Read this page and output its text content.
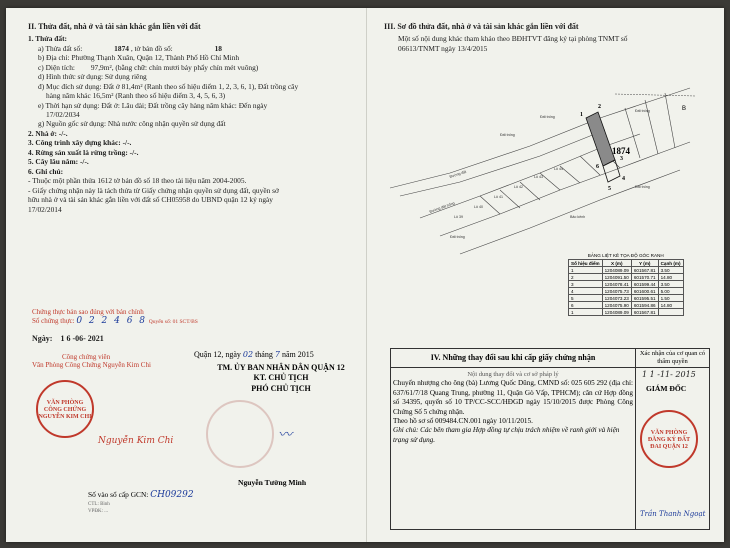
II. Thửa đất, nhà ở và tài sản khác gắn liền với đất
1. Thửa đất:
a) Thửa đất số:	1874 , tờ bản đồ số:	18
b) Địa chỉ: Phường Thạnh Xuân, Quận 12, Thành Phố Hồ Chí Minh
c) Diện tích: 97,9m², (bằng chữ: chín mươi bảy phẩy chín mét vuông)
d) Hình thức sử dụng: Sử dụng riêng
đ) Mục đích sử dụng: Đất ở 81,4m² (Ranh theo số hiệu điểm 1, 2, 3, 6, 1), Đất trồng cây
hàng năm khác 16,5m² (Ranh theo số hiệu điểm 3, 4, 5, 6, 3)
e) Thời hạn sử dụng: Đất ở: Lâu dài; Đất trồng cây hàng năm khác: Đến ngày
17/02/2034
g) Nguồn gốc sử dụng: Nhà nước công nhận quyền sử dụng đất
2. Nhà ở: -/-.
3. Công trình xây dựng khác: -/-.
4. Rừng sản xuất là rừng trồng: -/-.
5. Cây lâu năm: -/-.
6. Ghi chú:
- Thuộc một phần thửa 1612 tờ bản đồ số 18 theo tài liệu năm 2004-2005.
- Giấy chứng nhận này là tách thửa từ Giấy chứng nhận quyền sử dụng đất, quyền sở
hữu nhà ở và tài sản khác gắn liền với đất số CH05958 do UBND quận 12 ký ngày
17/02/2014
Chứng thực bản sao đúng với bản chính
Số chứng thực: 0 2 2 4 6 8 Quyển số: 01 SCT/BS
Ngày: 1 6 -06- 2021
Công chứng viên
Văn Phòng Công Chứng Nguyễn Kim Chi
VĂN PHÒNG CÔNG CHỨNG NGUYỄN KIM CHI
Nguyễn Kim Chi
Quận 12, ngày 02 tháng 7 năm 2015
TM. ỦY BAN NHÂN DÂN QUẬN 12
KT. CHỦ TỊCH
PHÓ CHỦ TỊCH
〰
Nguyễn Tường Minh
Số vào sổ cấp GCN: CH09292
CTL: Bình
VPĐK: ...
III. Sơ đồ thửa đất, nhà ở và tài sản khác gắn liền với đất
Một số nội dung khác tham khảo theo BĐHTVT đăng ký tại phòng TNMT số
06613/TNMT ngày 13/4/2015
1874
B
1
2
3
4
5
6
Đất trống
Đất trống
Đất trống
Đường đất
Đường đất trống
Đất trống
Lô 39
Lô 40
Lô 41
Lô 42
Lô 43
Lô 44
Đất trống
Bảo kênh
BẢNG LIỆT KÊ TỌA ĐỘ GÓC RANH
Số hiệu điểm	X (m)	Y (m)	Cạnh (m)
1	1204089.09	601567.81	3.50
2	1204091.50	601570.71	14.80
3	1204078.41	601599.44	3.50
4	1204075.73	601600.61	5.00
5	1204073.23	601595.51	1.50
6	1204075.90	601594.86	14.80
1	1204089.09	601567.81	
IV. Những thay đổi sau khi cấp giấy chứng nhận	Xác nhận của cơ quan có thẩm quyền
Nội dung thay đổi và cơ sở pháp lý
Chuyển nhượng cho ông (bà) Lương Quốc Dũng, CMND số: 025 605 292 (địa chỉ: 637/61/7/18 Quang Trung, phường 11, Quận Gò Vấp, TPHCM); căn cứ Hợp đồng số 34395, quyển số 10 TP/CC-SCC/HĐGD ngày 15/10/2015 được Phòng Công Chứng Số 5 chứng nhận.
Theo hồ sơ số 009484.CN.001 ngày 10/11/2015.
Ghi chú: Các bên tham gia Hợp đồng tự chịu trách nhiệm về ranh giới và hiện trạng sử dụng.
1 1 -11- 2015
GIÁM ĐỐC
VĂN PHÒNG ĐĂNG KÝ ĐẤT ĐAI QUẬN 12
Trần Thanh Ngoạt
